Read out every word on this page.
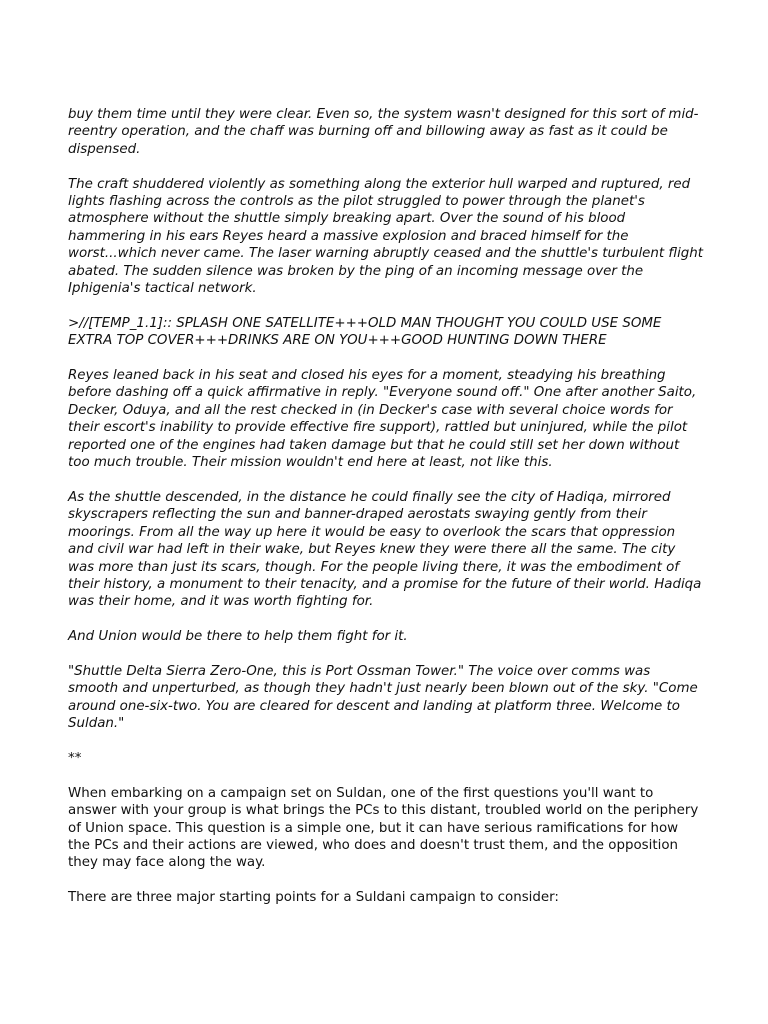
buy them time until they were clear. Even so, the system wasn't designed for this sort of mid-reentry operation, and the chaff was burning off and billowing away as fast as it could be dispensed.

The craft shuddered violently as something along the exterior hull warped and ruptured, red lights flashing across the controls as the pilot struggled to power through the planet's atmosphere without the shuttle simply breaking apart. Over the sound of his blood hammering in his ears Reyes heard a massive explosion and braced himself for the worst...which never came. The laser warning abruptly ceased and the shuttle's turbulent flight abated. The sudden silence was broken by the ping of an incoming message over the Iphigenia's tactical network.

>//[TEMP_1.1]:: SPLASH ONE SATELLITE+++OLD MAN THOUGHT YOU COULD USE SOME EXTRA TOP COVER+++DRINKS ARE ON YOU+++GOOD HUNTING DOWN THERE

Reyes leaned back in his seat and closed his eyes for a moment, steadying his breathing before dashing off a quick affirmative in reply. "Everyone sound off." One after another Saito, Decker, Oduya, and all the rest checked in (in Decker's case with several choice words for their escort's inability to provide effective fire support), rattled but uninjured, while the pilot reported one of the engines had taken damage but that he could still set her down without too much trouble. Their mission wouldn't end here at least, not like this.

As the shuttle descended, in the distance he could finally see the city of Hadiqa, mirrored skyscrapers reflecting the sun and banner-draped aerostats swaying gently from their moorings. From all the way up here it would be easy to overlook the scars that oppression and civil war had left in their wake, but Reyes knew they were there all the same. The city was more than just its scars, though. For the people living there, it was the embodiment of their history, a monument to their tenacity, and a promise for the future of their world. Hadiqa was their home, and it was worth fighting for.

And Union would be there to help them fight for it.

"Shuttle Delta Sierra Zero-One, this is Port Ossman Tower." The voice over comms was smooth and unperturbed, as though they hadn't just nearly been blown out of the sky. "Come around one-six-two. You are cleared for descent and landing at platform three. Welcome to Suldan."

**

When embarking on a campaign set on Suldan, one of the first questions you'll want to answer with your group is what brings the PCs to this distant, troubled world on the periphery of Union space. This question is a simple one, but it can have serious ramifications for how the PCs and their actions are viewed, who does and doesn't trust them, and the opposition they may face along the way.

There are three major starting points for a Suldani campaign to consider:
